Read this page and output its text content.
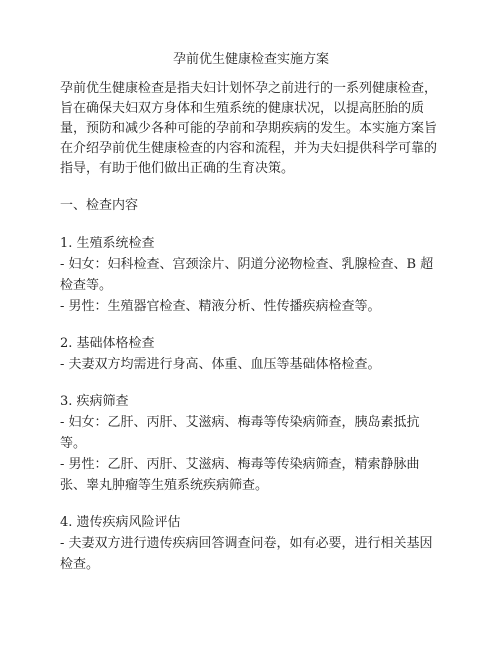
孕前优生健康检查实施方案

孕前优生健康检查是指夫妇计划怀孕之前进行的一系列健康检查，旨在确保夫妇双方身体和生殖系统的健康状况，以提高胚胎的质量，预防和减少各种可能的孕前和孕期疾病的发生。本实施方案旨在介绍孕前优生健康检查的内容和流程，并为夫妇提供科学可靠的指导，有助于他们做出正确的生育决策。

一、检查内容
1. 生殖系统检查

- 妇女：妇科检查、宫颈涂片、阴道分泌物检查、乳腺检查、B 超检查等。

- 男性：生殖器官检查、精液分析、性传播疾病检查等。

2. 基础体格检查

- 夫妻双方均需进行身高、体重、血压等基础体格检查。

3. 疾病筛查

- 妇女：乙肝、丙肝、艾滋病、梅毒等传染病筛查，胰岛素抵抗等。

- 男性：乙肝、丙肝、艾滋病、梅毒等传染病筛查，精索静脉曲张、睾丸肿瘤等生殖系统疾病筛查。

4. 遗传疾病风险评估

- 夫妻双方进行遗传疾病回答调查问卷，如有必要，进行相关基因检查。
